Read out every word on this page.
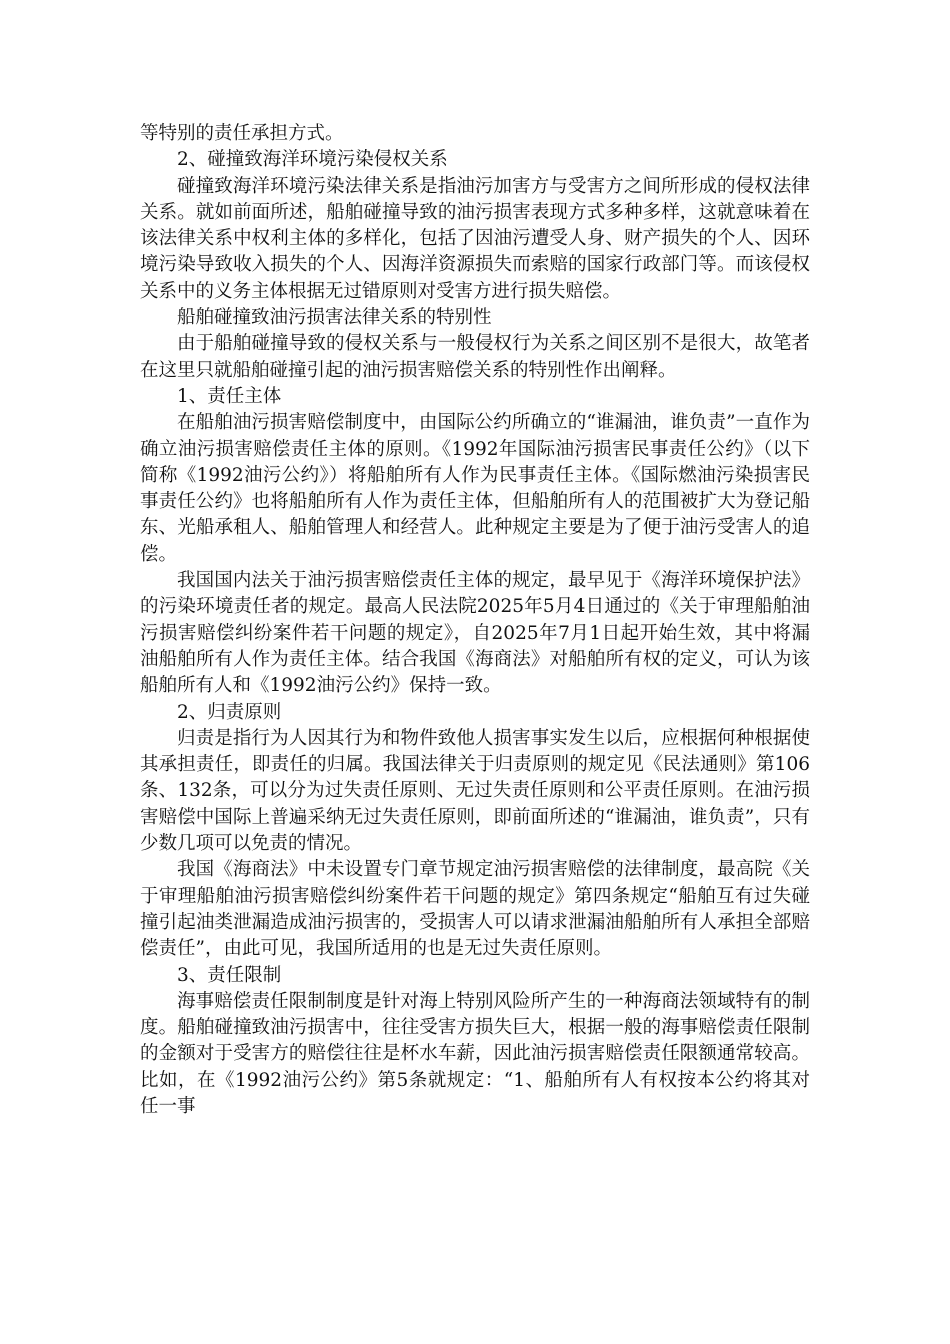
等特别的责任承担方式。

2、碰撞致海洋环境污染侵权关系

碰撞致海洋环境污染法律关系是指油污加害方与受害方之间所形成的侵权法律关系。就如前面所述，船舶碰撞导致的油污损害表现方式多种多样，这就意味着在该法律关系中权利主体的多样化，包括了因油污遭受人身、财产损失的个人、因环境污染导致收入损失的个人、因海洋资源损失而索赔的国家行政部门等。而该侵权关系中的义务主体根据无过错原则对受害方进行损失赔偿。

船舶碰撞致油污损害法律关系的特别性

由于船舶碰撞导致的侵权关系与一般侵权行为关系之间区别不是很大，故笔者在这里只就船舶碰撞引起的油污损害赔偿关系的特别性作出阐释。

1、责任主体

在船舶油污损害赔偿制度中，由国际公约所确立的“谁漏油，谁负责”一直作为确立油污损害赔偿责任主体的原则。《1992年国际油污损害民事责任公约》（以下简称《1992油污公约》）将船舶所有人作为民事责任主体。《国际燃油污染损害民事责任公约》也将船舶所有人作为责任主体，但船舶所有人的范围被扩大为登记船东、光船承租人、船舶管理人和经营人。此种规定主要是为了便于油污受害人的追偿。

我国国内法关于油污损害赔偿责任主体的规定，最早见于《海洋环境保护法》的污染环境责任者的规定。最高人民法院2025年5月4日通过的《关于审理船舶油污损害赔偿纠纷案件若干问题的规定》，自2025年7月1日起开始生效，其中将漏油船舶所有人作为责任主体。结合我国《海商法》对船舶所有权的定义，可认为该船舶所有人和《1992油污公约》保持一致。

2、归责原则

归责是指行为人因其行为和物件致他人损害事实发生以后，应根据何种根据使其承担责任，即责任的归属。我国法律关于归责原则的规定见《民法通则》第106条、132条，可以分为过失责任原则、无过失责任原则和公平责任原则。在油污损害赔偿中国际上普遍采纳无过失责任原则，即前面所述的“谁漏油，谁负责”，只有少数几项可以免责的情况。

我国《海商法》中未设置专门章节规定油污损害赔偿的法律制度，最高院《关于审理船舶油污损害赔偿纠纷案件若干问题的规定》第四条规定“船舶互有过失碰撞引起油类泄漏造成油污损害的，受损害人可以请求泄漏油船舶所有人承担全部赔偿责任”，由此可见，我国所适用的也是无过失责任原则。

3、责任限制

海事赔偿责任限制制度是针对海上特别风险所产生的一种海商法领域特有的制度。船舶碰撞致油污损害中，往往受害方损失巨大，根据一般的海事赔偿责任限制的金额对于受害方的赔偿往往是杯水车薪，因此油污损害赔偿责任限额通常较高。比如，在《1992油污公约》第5条就规定：“1、船舶所有人有权按本公约将其对任一事
